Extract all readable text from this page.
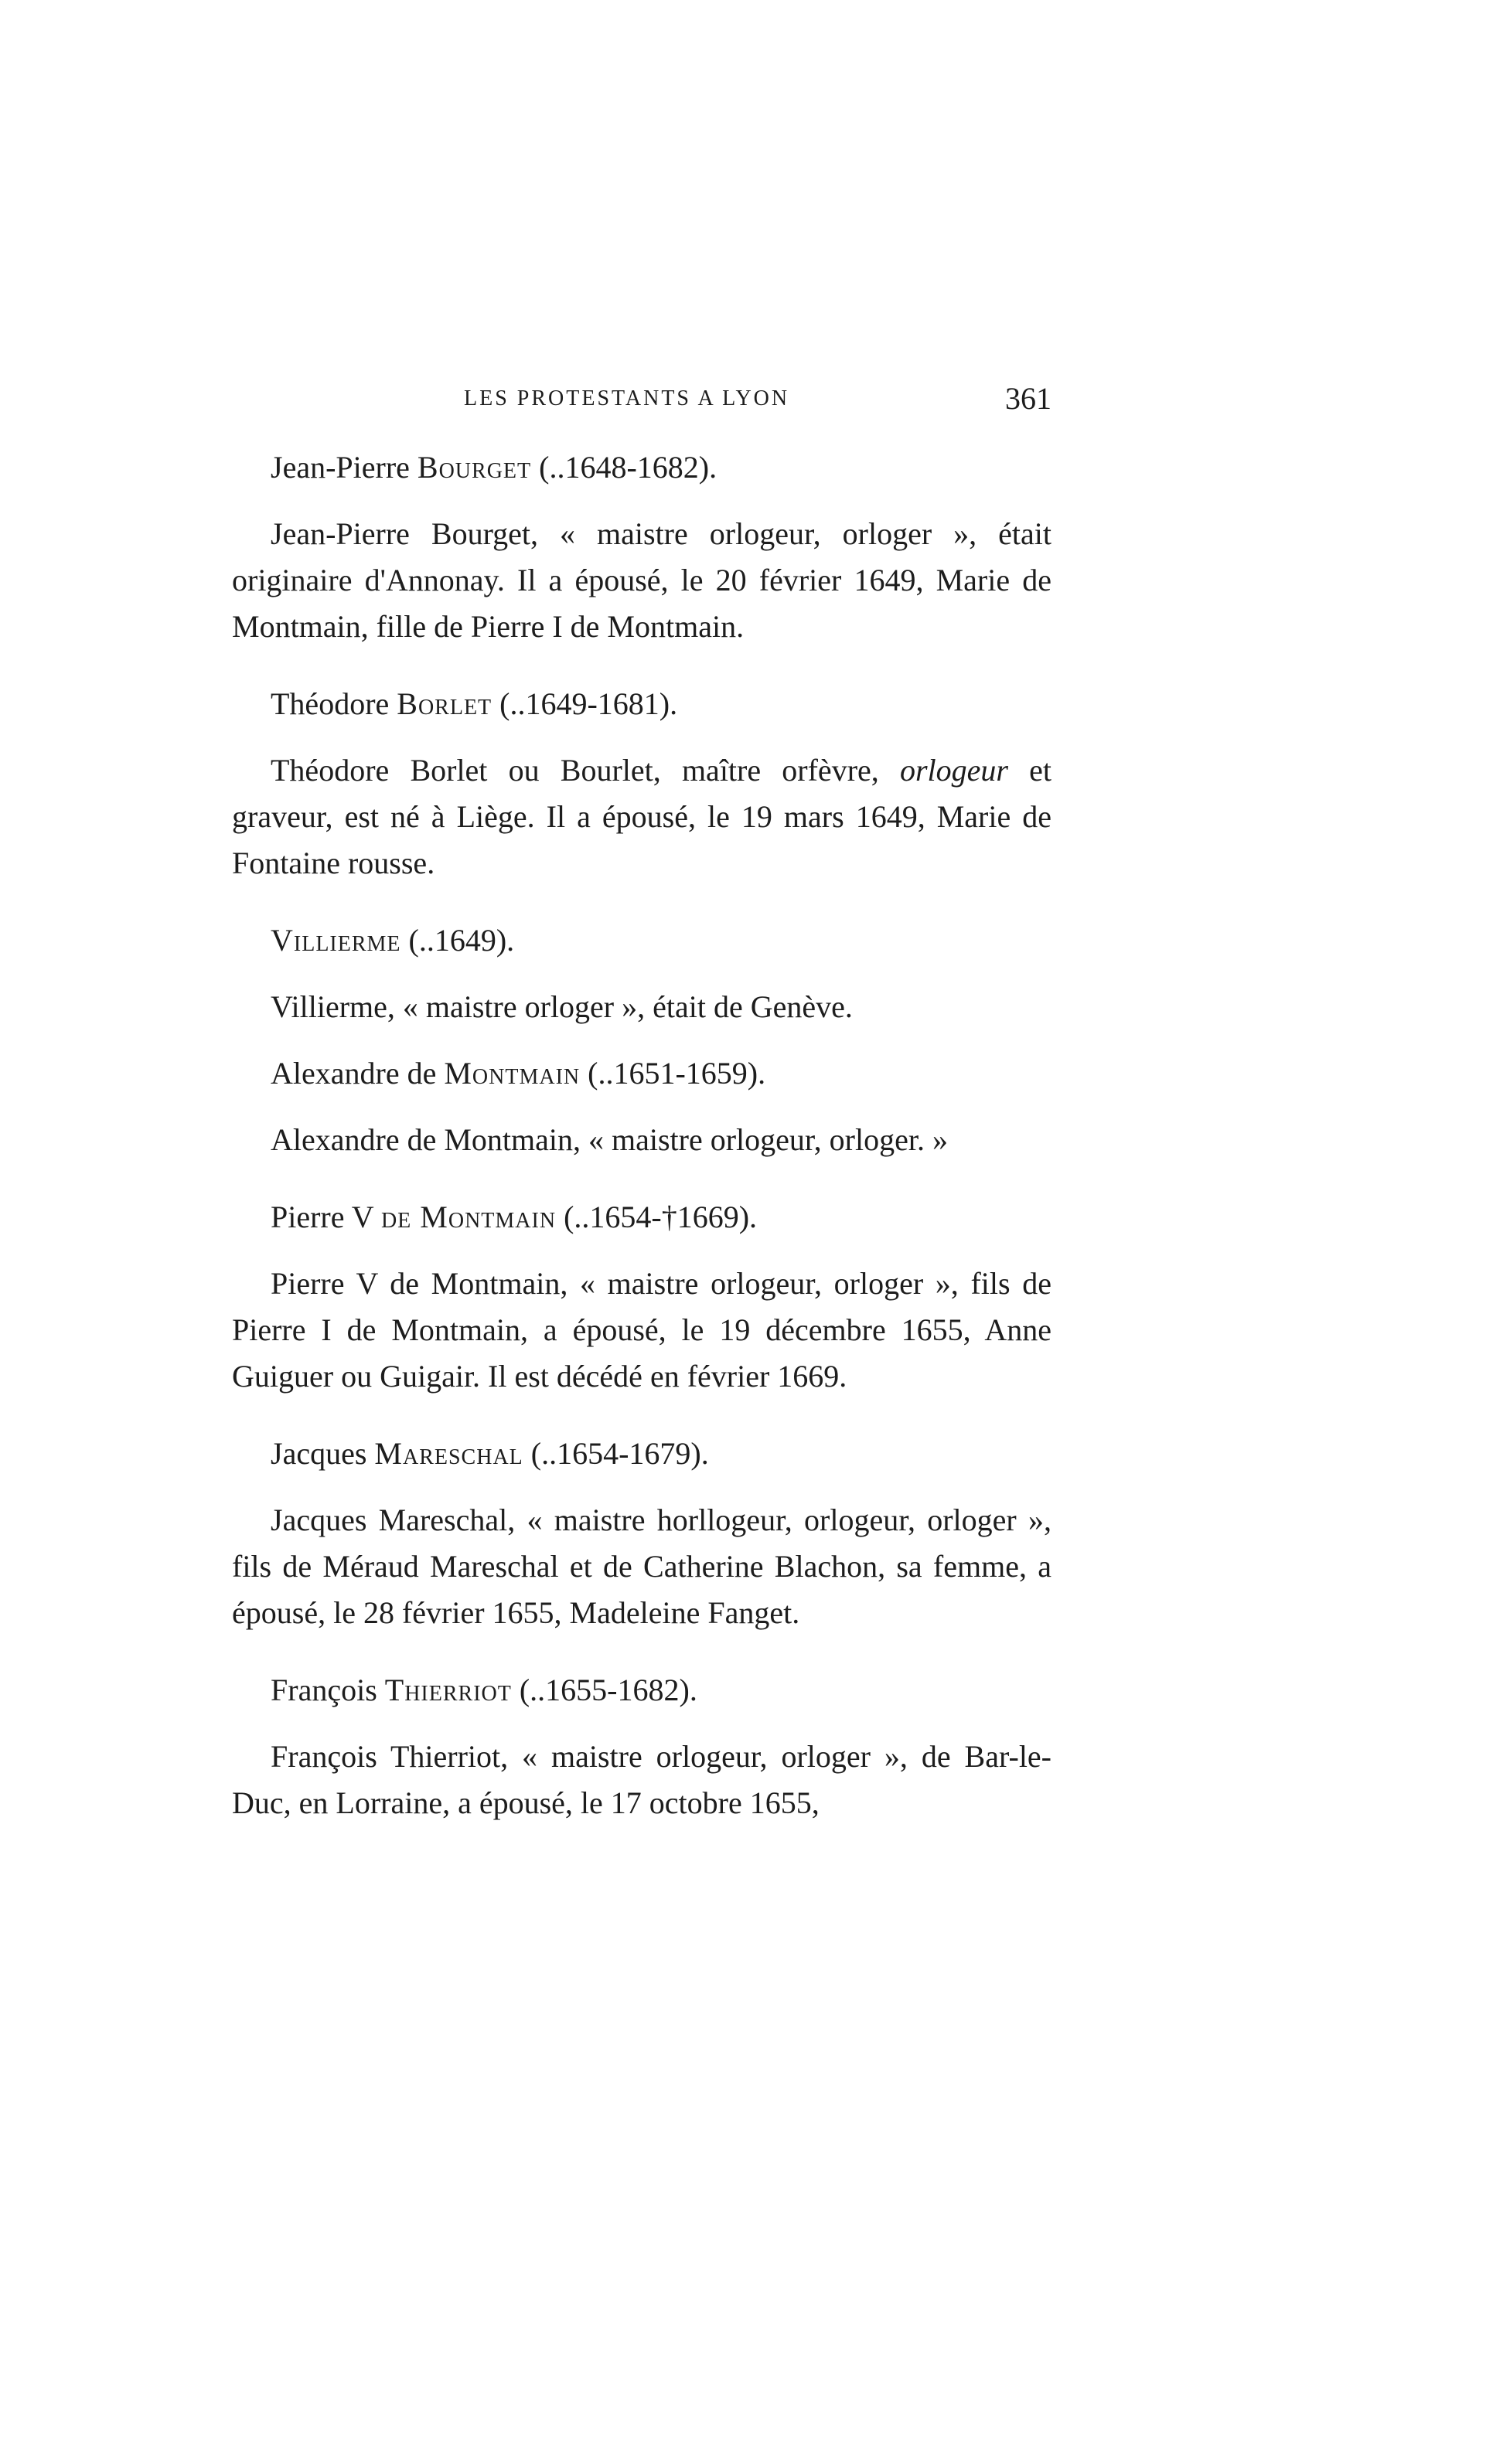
LES PROTESTANTS A LYON	361

Jean-Pierre Bourget (..1648-1682).

Jean-Pierre Bourget, « maistre orlogeur, orloger », était originaire d'Annonay. Il a épousé, le 20 février 1649, Marie de Montmain, fille de Pierre I de Montmain.

Théodore Borlet (..1649-1681).

Théodore Borlet ou Bourlet, maître orfèvre, orlogeur et graveur, est né à Liège. Il a épousé, le 19 mars 1649, Marie de Fontaine rousse.

Villierme (..1649).

Villierme, « maistre orloger », était de Genève.

Alexandre de Montmain (..1651-1659).

Alexandre de Montmain, « maistre orlogeur, orloger. »

Pierre V de Montmain (..1654-†1669).

Pierre V de Montmain, « maistre orlogeur, orloger », fils de Pierre I de Montmain, a épousé, le 19 décembre 1655, Anne Guiguer ou Guigair. Il est décédé en février 1669.

Jacques Mareschal (..1654-1679).

Jacques Mareschal, « maistre horllogeur, orlogeur, orloger », fils de Méraud Mareschal et de Catherine Blachon, sa femme, a épousé, le 28 février 1655, Madeleine Fanget.

François Thierriot (..1655-1682).

François Thierriot, « maistre orlogeur, orloger », de Bar-le-Duc, en Lorraine, a épousé, le 17 octobre 1655,
